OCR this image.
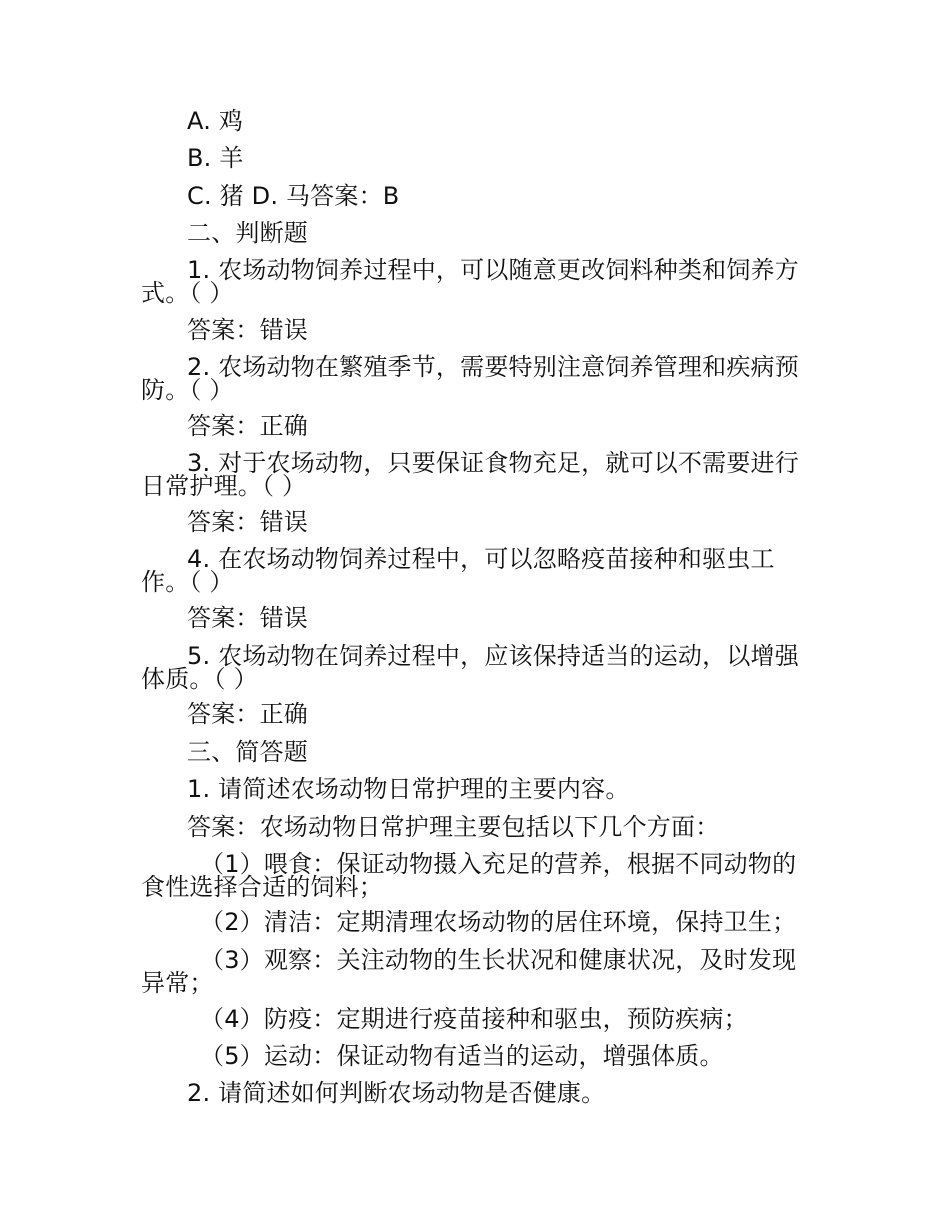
A. 鸡
B. 羊
C. 猪 D. 马答案：B
二、判断题
1. 农场动物饲养过程中，可以随意更改饲料种类和饲养方
式。（ ）
答案：错误
2. 农场动物在繁殖季节，需要特别注意饲养管理和疾病预
防。（ ）
答案：正确
3. 对于农场动物，只要保证食物充足，就可以不需要进行
日常护理。（ ）
答案：错误
4. 在农场动物饲养过程中，可以忽略疫苗接种和驱虫工
作。（ ）
答案：错误
5. 农场动物在饲养过程中，应该保持适当的运动，以增强
体质。（ ）
答案：正确
三、简答题
1. 请简述农场动物日常护理的主要内容。
答案：农场动物日常护理主要包括以下几个方面：
（1）喂食：保证动物摄入充足的营养，根据不同动物的
食性选择合适的饲料；
（2）清洁：定期清理农场动物的居住环境，保持卫生；
（3）观察：关注动物的生长状况和健康状况，及时发现
异常；
（4）防疫：定期进行疫苗接种和驱虫，预防疾病；
（5）运动：保证动物有适当的运动，增强体质。
2. 请简述如何判断农场动物是否健康。
